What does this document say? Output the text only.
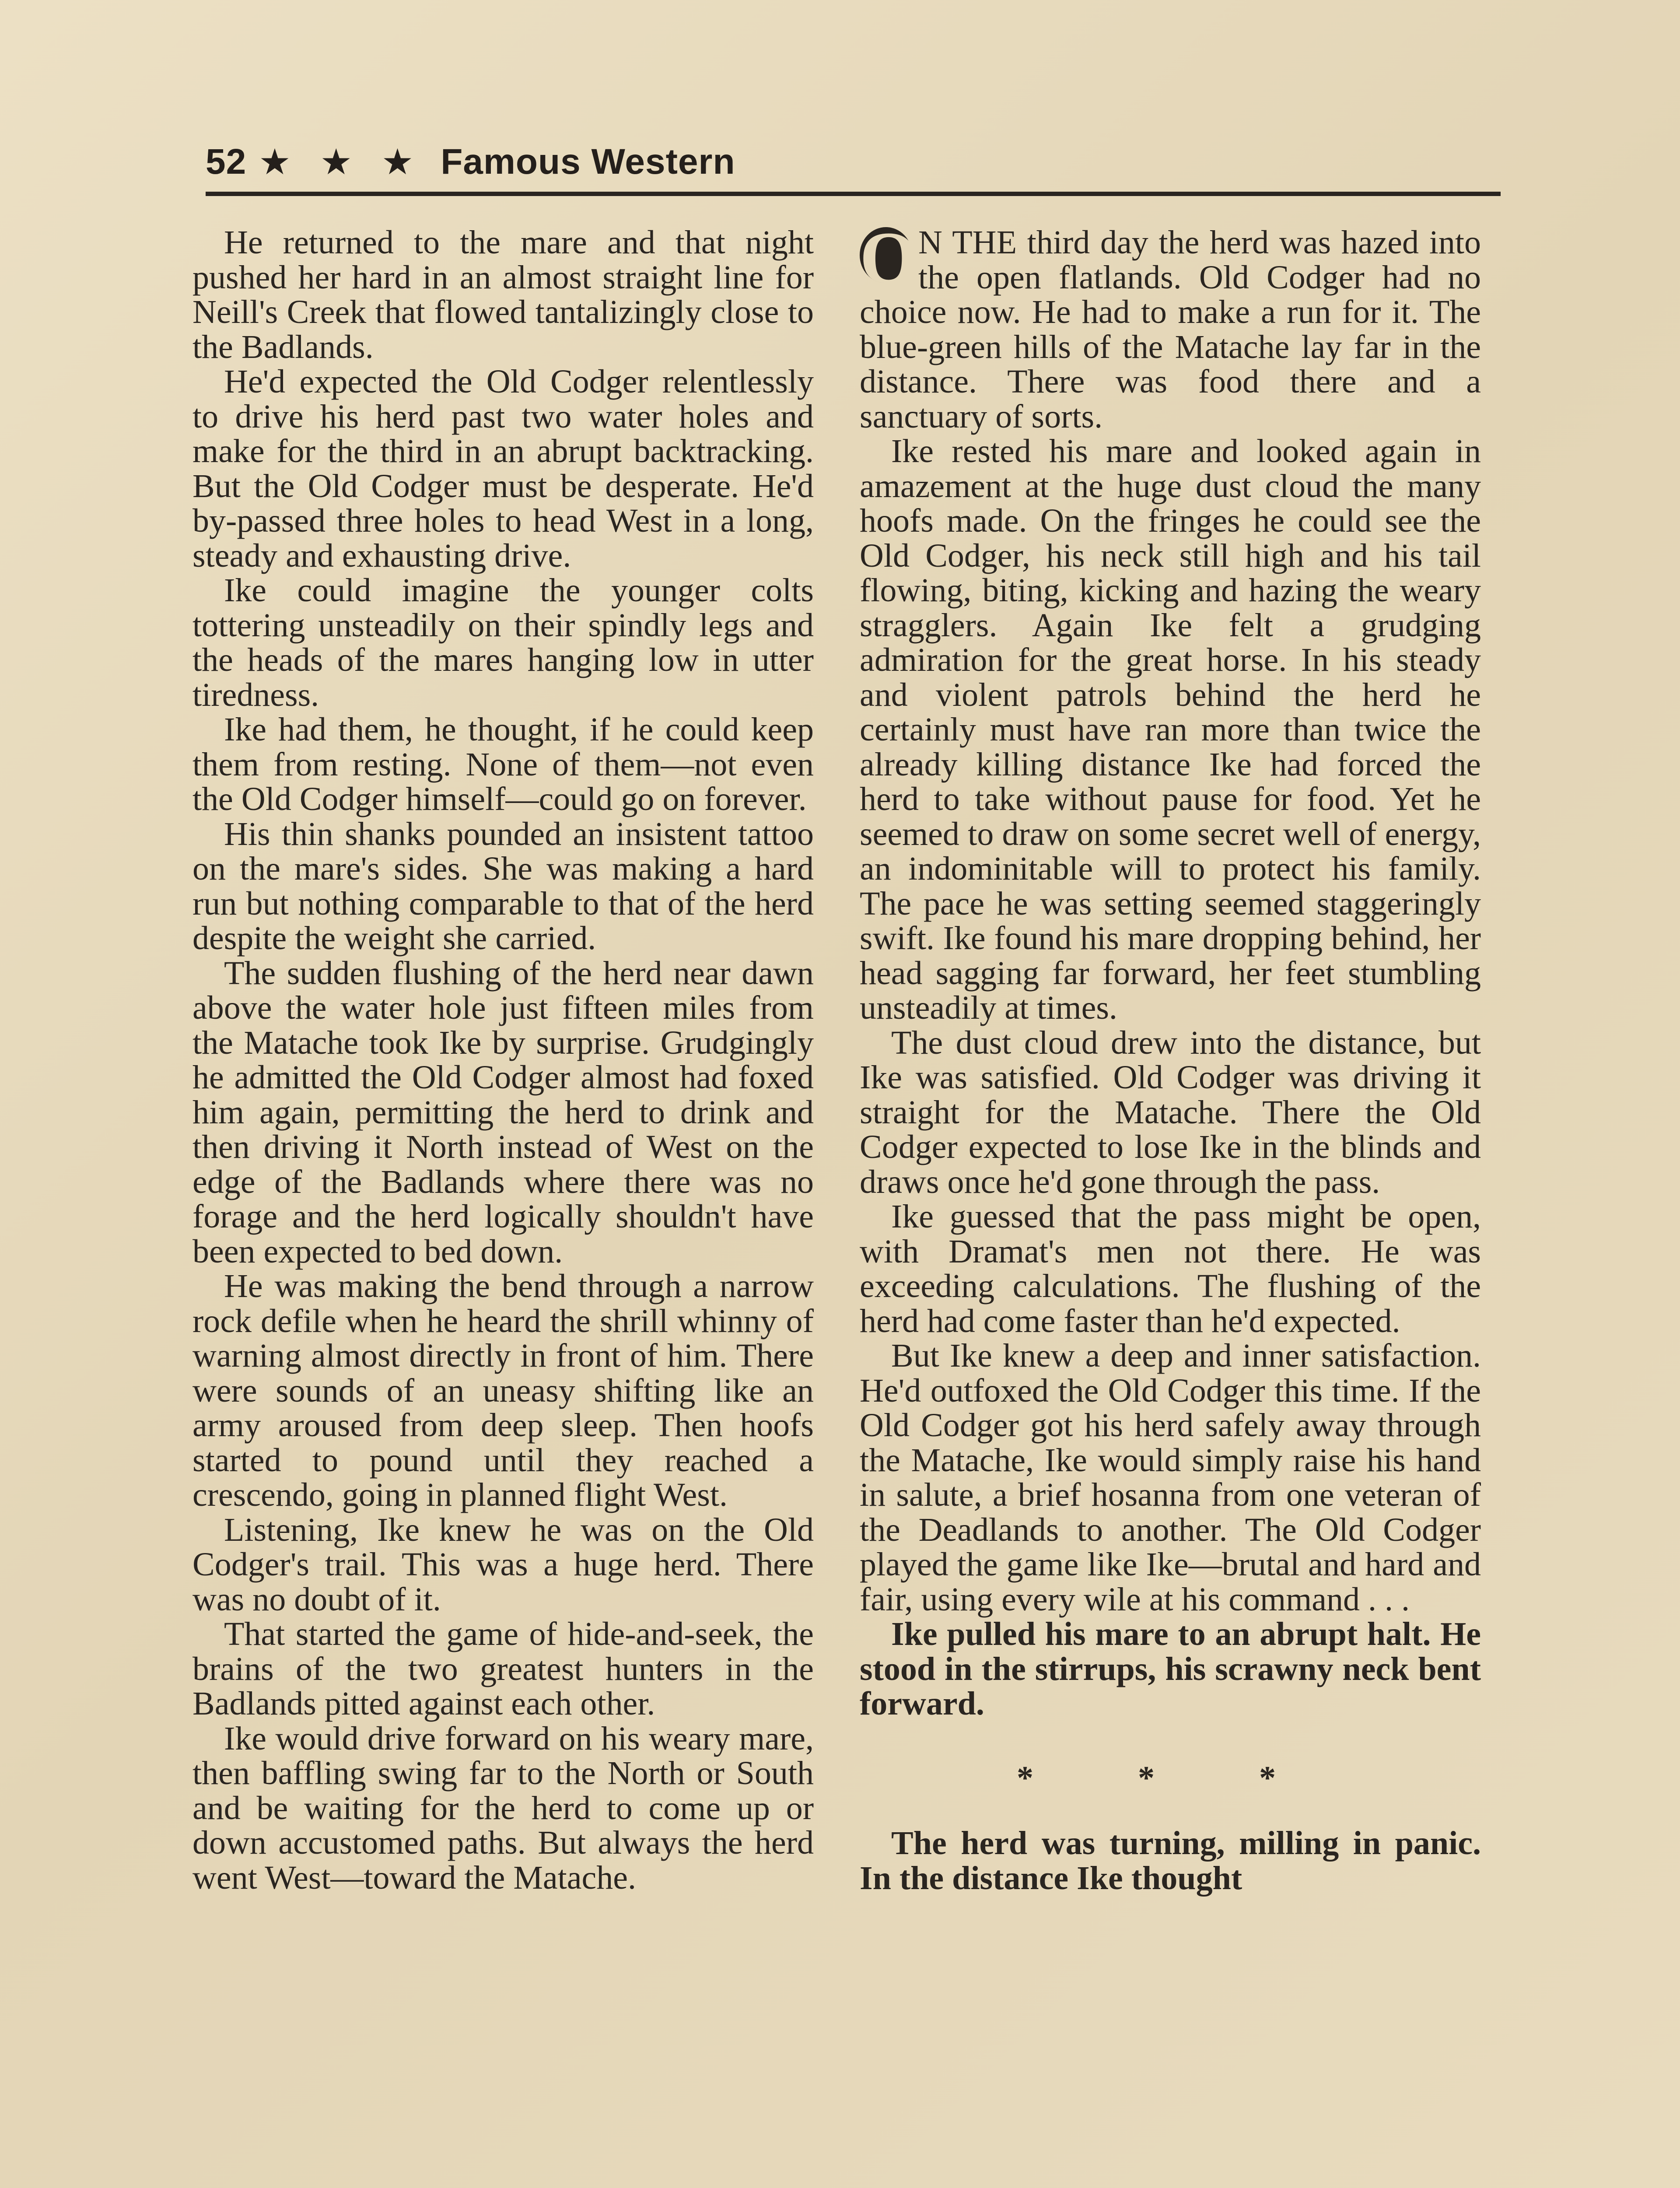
52 ★ ★ ★ Famous Western

He returned to the mare and that night pushed her hard in an almost straight line for Neill's Creek that flowed tantalizingly close to the Badlands.

He'd expected the Old Codger relentlessly to drive his herd past two water holes and make for the third in an abrupt backtracking. But the Old Codger must be desperate. He'd by-passed three holes to head West in a long, steady and exhausting drive.

Ike could imagine the younger colts tottering unsteadily on their spindly legs and the heads of the mares hanging low in utter tiredness.

Ike had them, he thought, if he could keep them from resting. None of them—not even the Old Codger himself—could go on forever.

His thin shanks pounded an insistent tattoo on the mare's sides. She was making a hard run but nothing comparable to that of the herd despite the weight she carried.

The sudden flushing of the herd near dawn above the water hole just fifteen miles from the Matache took Ike by surprise. Grudgingly he admitted the Old Codger almost had foxed him again, permitting the herd to drink and then driving it North instead of West on the edge of the Badlands where there was no forage and the herd logically shouldn't have been expected to bed down.

He was making the bend through a narrow rock defile when he heard the shrill whinny of warning almost directly in front of him. There were sounds of an uneasy shifting like an army aroused from deep sleep. Then hoofs started to pound until they reached a crescendo, going in planned flight West.

Listening, Ike knew he was on the Old Codger's trail. This was a huge herd. There was no doubt of it.

That started the game of hide-and-seek, the brains of the two greatest hunters in the Badlands pitted against each other.

Ike would drive forward on his weary mare, then baffling swing far to the North or South and be waiting for the herd to come up or down accustomed paths. But always the herd went West—toward the Matache.

O N THE third day the herd was hazed into the open flatlands. Old Codger had no choice now. He had to make a run for it. The blue-green hills of the Matache lay far in the distance. There was food there and a sanctuary of sorts.

Ike rested his mare and looked again in amazement at the huge dust cloud the many hoofs made. On the fringes he could see the Old Codger, his neck still high and his tail flowing, biting, kicking and hazing the weary stragglers. Again Ike felt a grudging admiration for the great horse. In his steady and violent patrols behind the herd he certainly must have ran more than twice the already killing distance Ike had forced the herd to take without pause for food. Yet he seemed to draw on some secret well of energy, an indominitable will to protect his family. The pace he was setting seemed staggeringly swift. Ike found his mare dropping behind, her head sagging far forward, her feet stumbling unsteadily at times.

The dust cloud drew into the distance, but Ike was satisfied. Old Codger was driving it straight for the Matache. There the Old Codger expected to lose Ike in the blinds and draws once he'd gone through the pass.

Ike guessed that the pass might be open, with Dramat's men not there. He was exceeding calculations. The flushing of the herd had come faster than he'd expected.

But Ike knew a deep and inner satisfaction. He'd outfoxed the Old Codger this time. If the Old Codger got his herd safely away through the Matache, Ike would simply raise his hand in salute, a brief hosanna from one veteran of the Deadlands to another. The Old Codger played the game like Ike—brutal and hard and fair, using every wile at his command . . .

Ike pulled his mare to an abrupt halt. He stood in the stirrups, his scrawny neck bent forward.

* * *

The herd was turning, milling in panic. In the distance Ike thought
